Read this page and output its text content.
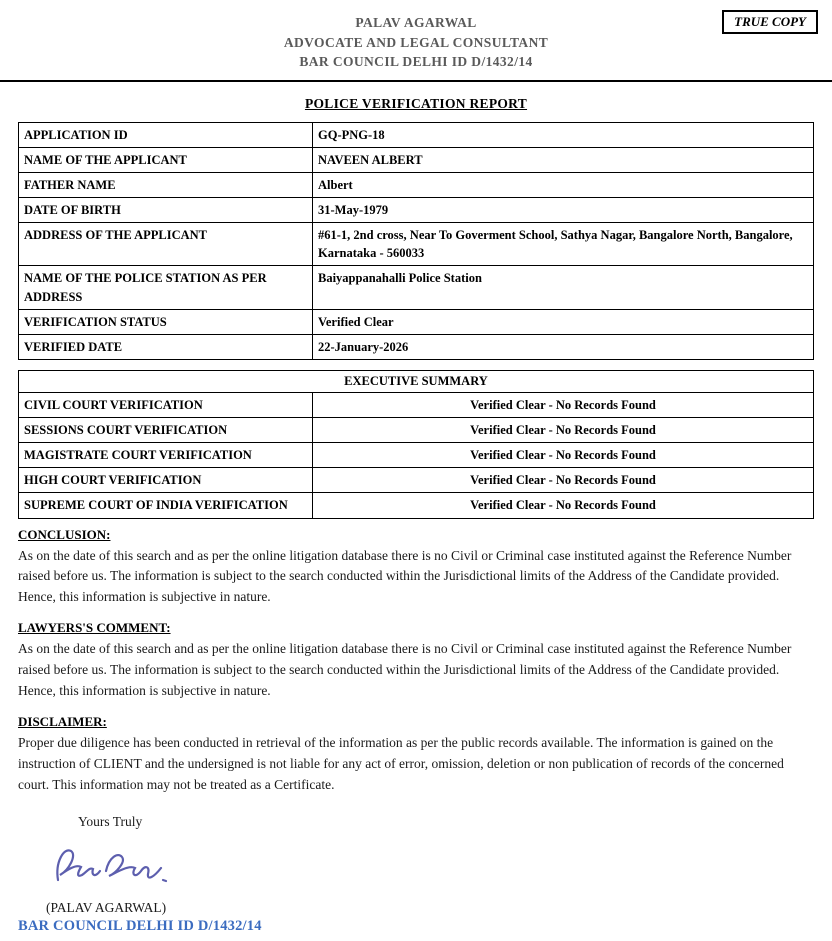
PALAV AGARWAL
ADVOCATE AND LEGAL CONSULTANT
BAR COUNCIL DELHI ID D/1432/14
TRUE COPY
POLICE VERIFICATION REPORT
APPLICATION ID	GQ-PNG-18
NAME OF THE APPLICANT	NAVEEN ALBERT
FATHER NAME	Albert
DATE OF BIRTH	31-May-1979
ADDRESS OF THE APPLICANT	#61-1, 2nd cross, Near To Goverment School, Sathya Nagar, Bangalore North, Bangalore, Karnataka - 560033
NAME OF THE POLICE STATION AS PER ADDRESS	Baiyappanahalli Police Station
VERIFICATION STATUS	Verified Clear
VERIFIED DATE	22-January-2026
EXECUTIVE SUMMARY	
CIVIL COURT VERIFICATION	Verified Clear - No Records Found
SESSIONS COURT VERIFICATION	Verified Clear - No Records Found
MAGISTRATE COURT VERIFICATION	Verified Clear - No Records Found
HIGH COURT VERIFICATION	Verified Clear - No Records Found
SUPREME COURT OF INDIA VERIFICATION	Verified Clear - No Records Found
CONCLUSION:
As on the date of this search and as per the online litigation database there is no Civil or Criminal case instituted against the Reference Number raised before us. The information is subject to the search conducted within the Jurisdictional limits of the Address of the Candidate provided. Hence, this information is subjective in nature.
LAWYERS'S COMMENT:
As on the date of this search and as per the online litigation database there is no Civil or Criminal case instituted against the Reference Number raised before us. The information is subject to the search conducted within the Jurisdictional limits of the Address of the Candidate provided. Hence, this information is subjective in nature.
DISCLAIMER:
Proper due diligence has been conducted in retrieval of the information as per the public records available. The information is gained on the instruction of CLIENT and the undersigned is not liable for any act of error, omission, deletion or non publication of records of the concerned court. This information may not be treated as a Certificate.
Yours Truly
(PALAV AGARWAL)
BAR COUNCIL DELHI ID D/1432/14
